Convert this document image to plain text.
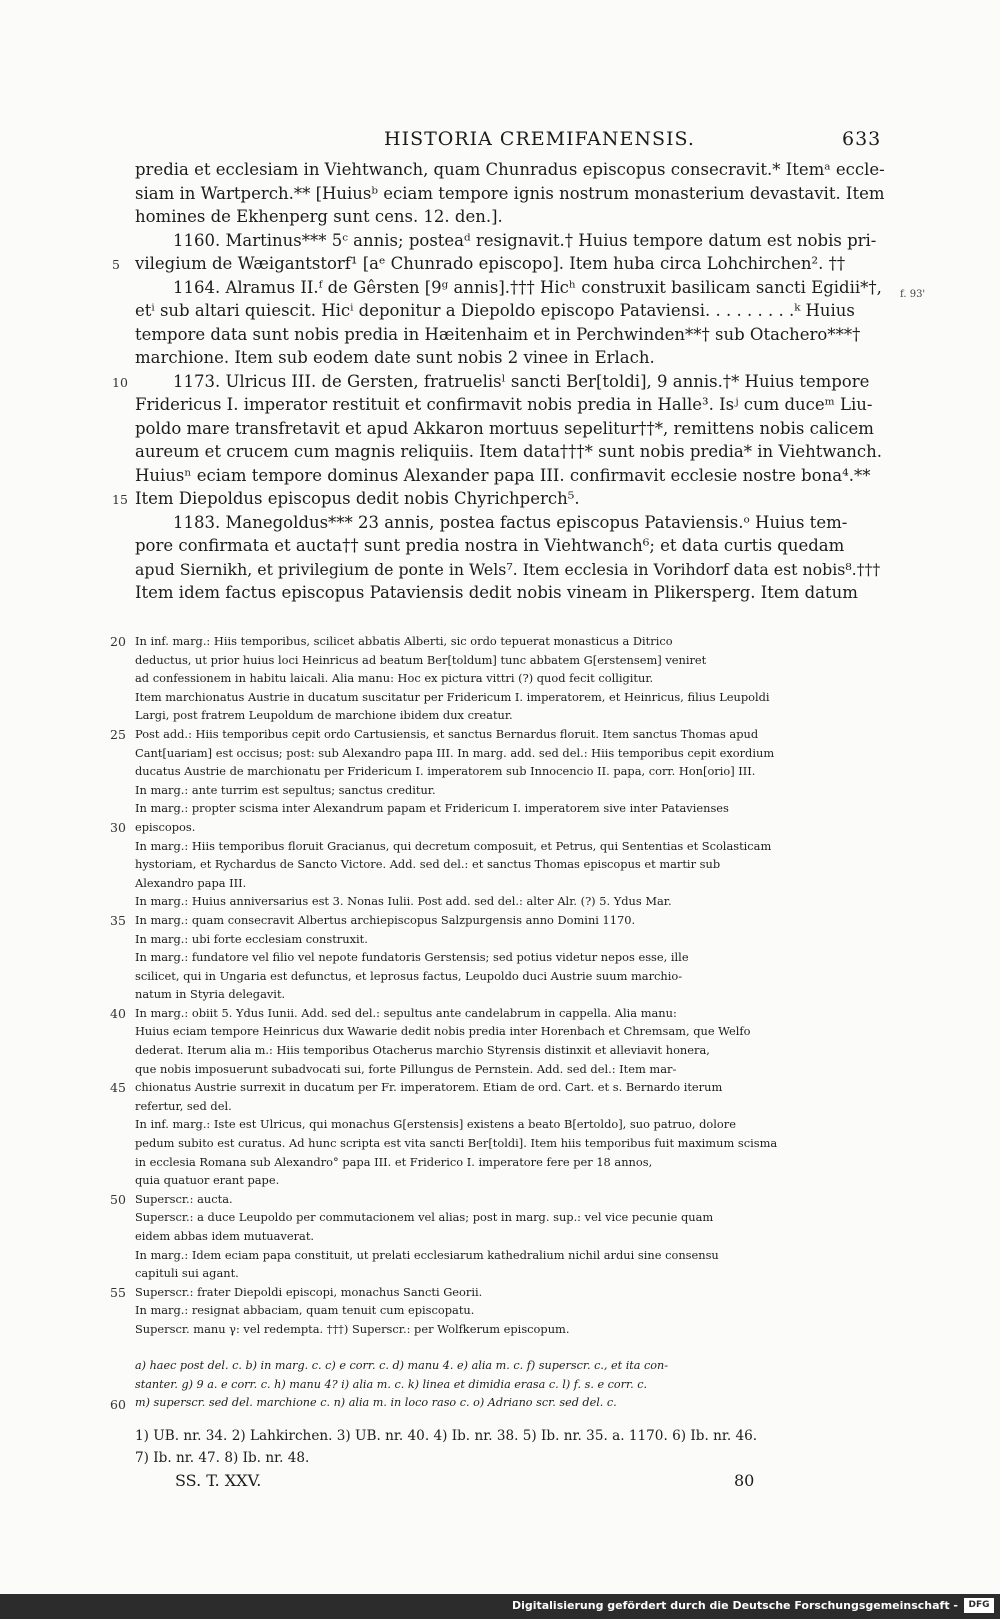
HISTORIA CREMIFANENSIS.	633
predia et ecclesiam in Viehtwanch, quam Chunradus episcopus consecravit.* Itemᵃ eccle-
siam in Wartperch.** [Huiusᵇ eciam tempore ignis nostrum monasterium devastavit. Item
homines de Ekhenperg sunt cens. 12. den.].
1160. Martinus*** 5ᶜ annis; posteaᵈ resignavit.† Huius tempore datum est nobis pri-
vilegium de Wæigantstorf¹ [aᵉ Chunrado episcopo]. Item huba circa Lohchirchen². ††
1164. Alramus II.ᶠ de Gêrsten [9ᵍ annis].††† Hicʰ construxit basilicam sancti Egidii*†,
etⁱ sub altari quiescit. Hicⁱ deponitur a Diepoldo episcopo Pataviensi. . . . . . . . .ᵏ Huius
tempore data sunt nobis predia in Hæitenhaim et in Perchwinden**† sub Otachero***†
marchione. Item sub eodem date sunt nobis 2 vinee in Erlach.
1173. Ulricus III. de Gersten, fratruelisˡ sancti Ber[toldi], 9 annis.†* Huius tempore
Fridericus I. imperator restituit et confirmavit nobis predia in Halle³. Isʲ cum duceᵐ Liu-
poldo mare transfretavit et apud Akkaron mortuus sepelitur††*, remittens nobis calicem
aureum et crucem cum magnis reliquiis. Item data†††* sunt nobis predia* in Viehtwanch.
Huiusⁿ eciam tempore dominus Alexander papa III. confirmavit ecclesie nostre bona⁴.**
Item Diepoldus episcopus dedit nobis Chyrichperch⁵.
1183. Manegoldus*** 23 annis, postea factus episcopus Pataviensis.ᵒ Huius tem-
pore confirmata et aucta†† sunt predia nostra in Viehtwanch⁶; et data curtis quedam
apud Siernikh, et privilegium de ponte in Wels⁷. Item ecclesia in Vorihdorf data est nobis⁸.†††
Item idem factus episcopus Pataviensis dedit nobis vineam in Plikersperg. Item datum
f. 93'
5
10
15
In inf. marg.: Hiis temporibus, scilicet abbatis Alberti, sic ordo tepuerat monasticus a Ditrico
deductus, ut prior huius loci Heinricus ad beatum Ber[toldum] tunc abbatem G[erstensem] veniret
ad confessionem in habitu laicali. Alia manu: Hoc ex pictura vittri (?) quod fecit colligitur.
Item marchionatus Austrie in ducatum suscitatur per Fridericum I. imperatorem, et Heinricus, filius Leupoldi
Largi, post fratrem Leupoldum de marchione ibidem dux creatur.
Post add.: Hiis temporibus cepit ordo Cartusiensis, et sanctus Bernardus floruit. Item sanctus Thomas apud
Cant[uariam] est occisus; post: sub Alexandro papa III. In marg. add. sed del.: Hiis temporibus cepit exordium
ducatus Austrie de marchionatu per Fridericum I. imperatorem sub Innocencio II. papa, corr. Hon[orio] III.
In marg.: ante turrim est sepultus; sanctus creditur.
In marg.: propter scisma inter Alexandrum papam et Fridericum I. imperatorem sive inter Patavienses
episcopos.
In marg.: Hiis temporibus floruit Gracianus, qui decretum composuit, et Petrus, qui Sententias et Scolasticam
hystoriam, et Rychardus de Sancto Victore. Add. sed del.: et sanctus Thomas episcopus et martir sub
Alexandro papa III.
In marg.: Huius anniversarius est 3. Nonas Iulii. Post add. sed del.: alter Alr. (?) 5. Ydus Mar.
In marg.: quam consecravit Albertus archiepiscopus Salzpurgensis anno Domini 1170.
In marg.: ubi forte ecclesiam construxit.
In marg.: fundatore vel filio vel nepote fundatoris Gerstensis; sed potius videtur nepos esse, ille
scilicet, qui in Ungaria est defunctus, et leprosus factus, Leupoldo duci Austrie suum marchio-
natum in Styria delegavit.
In marg.: obiit 5. Ydus Iunii. Add. sed del.: sepultus ante candelabrum in cappella. Alia manu:
Huius eciam tempore Heinricus dux Wawarie dedit nobis predia inter Horenbach et Chremsam, que Welfo
dederat. Iterum alia m.: Hiis temporibus Otacherus marchio Styrensis distinxit et alleviavit honera,
que nobis imposuerunt subadvocati sui, forte Pillungus de Pernstein. Add. sed del.: Item mar-
chionatus Austrie surrexit in ducatum per Fr. imperatorem. Etiam de ord. Cart. et s. Bernardo iterum
refertur, sed del.
In inf. marg.: Iste est Ulricus, qui monachus G[erstensis] existens a beato B[ertoldo], suo patruo, dolore
pedum subito est curatus. Ad hunc scripta est vita sancti Ber[toldi]. Item hiis temporibus fuit maximum scisma
in ecclesia Romana sub Alexandro° papa III. et Friderico I. imperatore fere per 18 annos,
quia quatuor erant pape.
Superscr.: aucta.
Superscr.: a duce Leupoldo per commutacionem vel alias; post in marg. sup.: vel vice pecunie quam
eidem abbas idem mutuaverat.
In marg.: Idem eciam papa constituit, ut prelati ecclesiarum kathedralium nichil ardui sine consensu
capituli sui agant.
Superscr.: frater Diepoldi episcopi, monachus Sancti Georii.
In marg.: resignat abbaciam, quam tenuit cum episcopatu.
Superscr. manu γ: vel redempta. †††) Superscr.: per Wolfkerum episcopum.
20
25
30
35
40
45
50
55
a) haec post del. c. b) in marg. c. c) e corr. c. d) manu 4. e) alia m. c. f) superscr. c., et ita con-
stanter. g) 9 a. e corr. c. h) manu 4? i) alia m. c. k) linea et dimidia erasa c. l) f. s. e corr. c.
m) superscr. sed del. marchione c. n) alia m. in loco raso c. o) Adriano scr. sed del. c.
60
1) UB. nr. 34. 2) Lahkirchen. 3) UB. nr. 40. 4) Ib. nr. 38. 5) Ib. nr. 35. a. 1170. 6) Ib. nr. 46.
7) Ib. nr. 47. 8) Ib. nr. 48.
SS. T. XXV.	80
Digitalisierung gefördert durch die Deutsche Forschungsgemeinschaft -	DFG
